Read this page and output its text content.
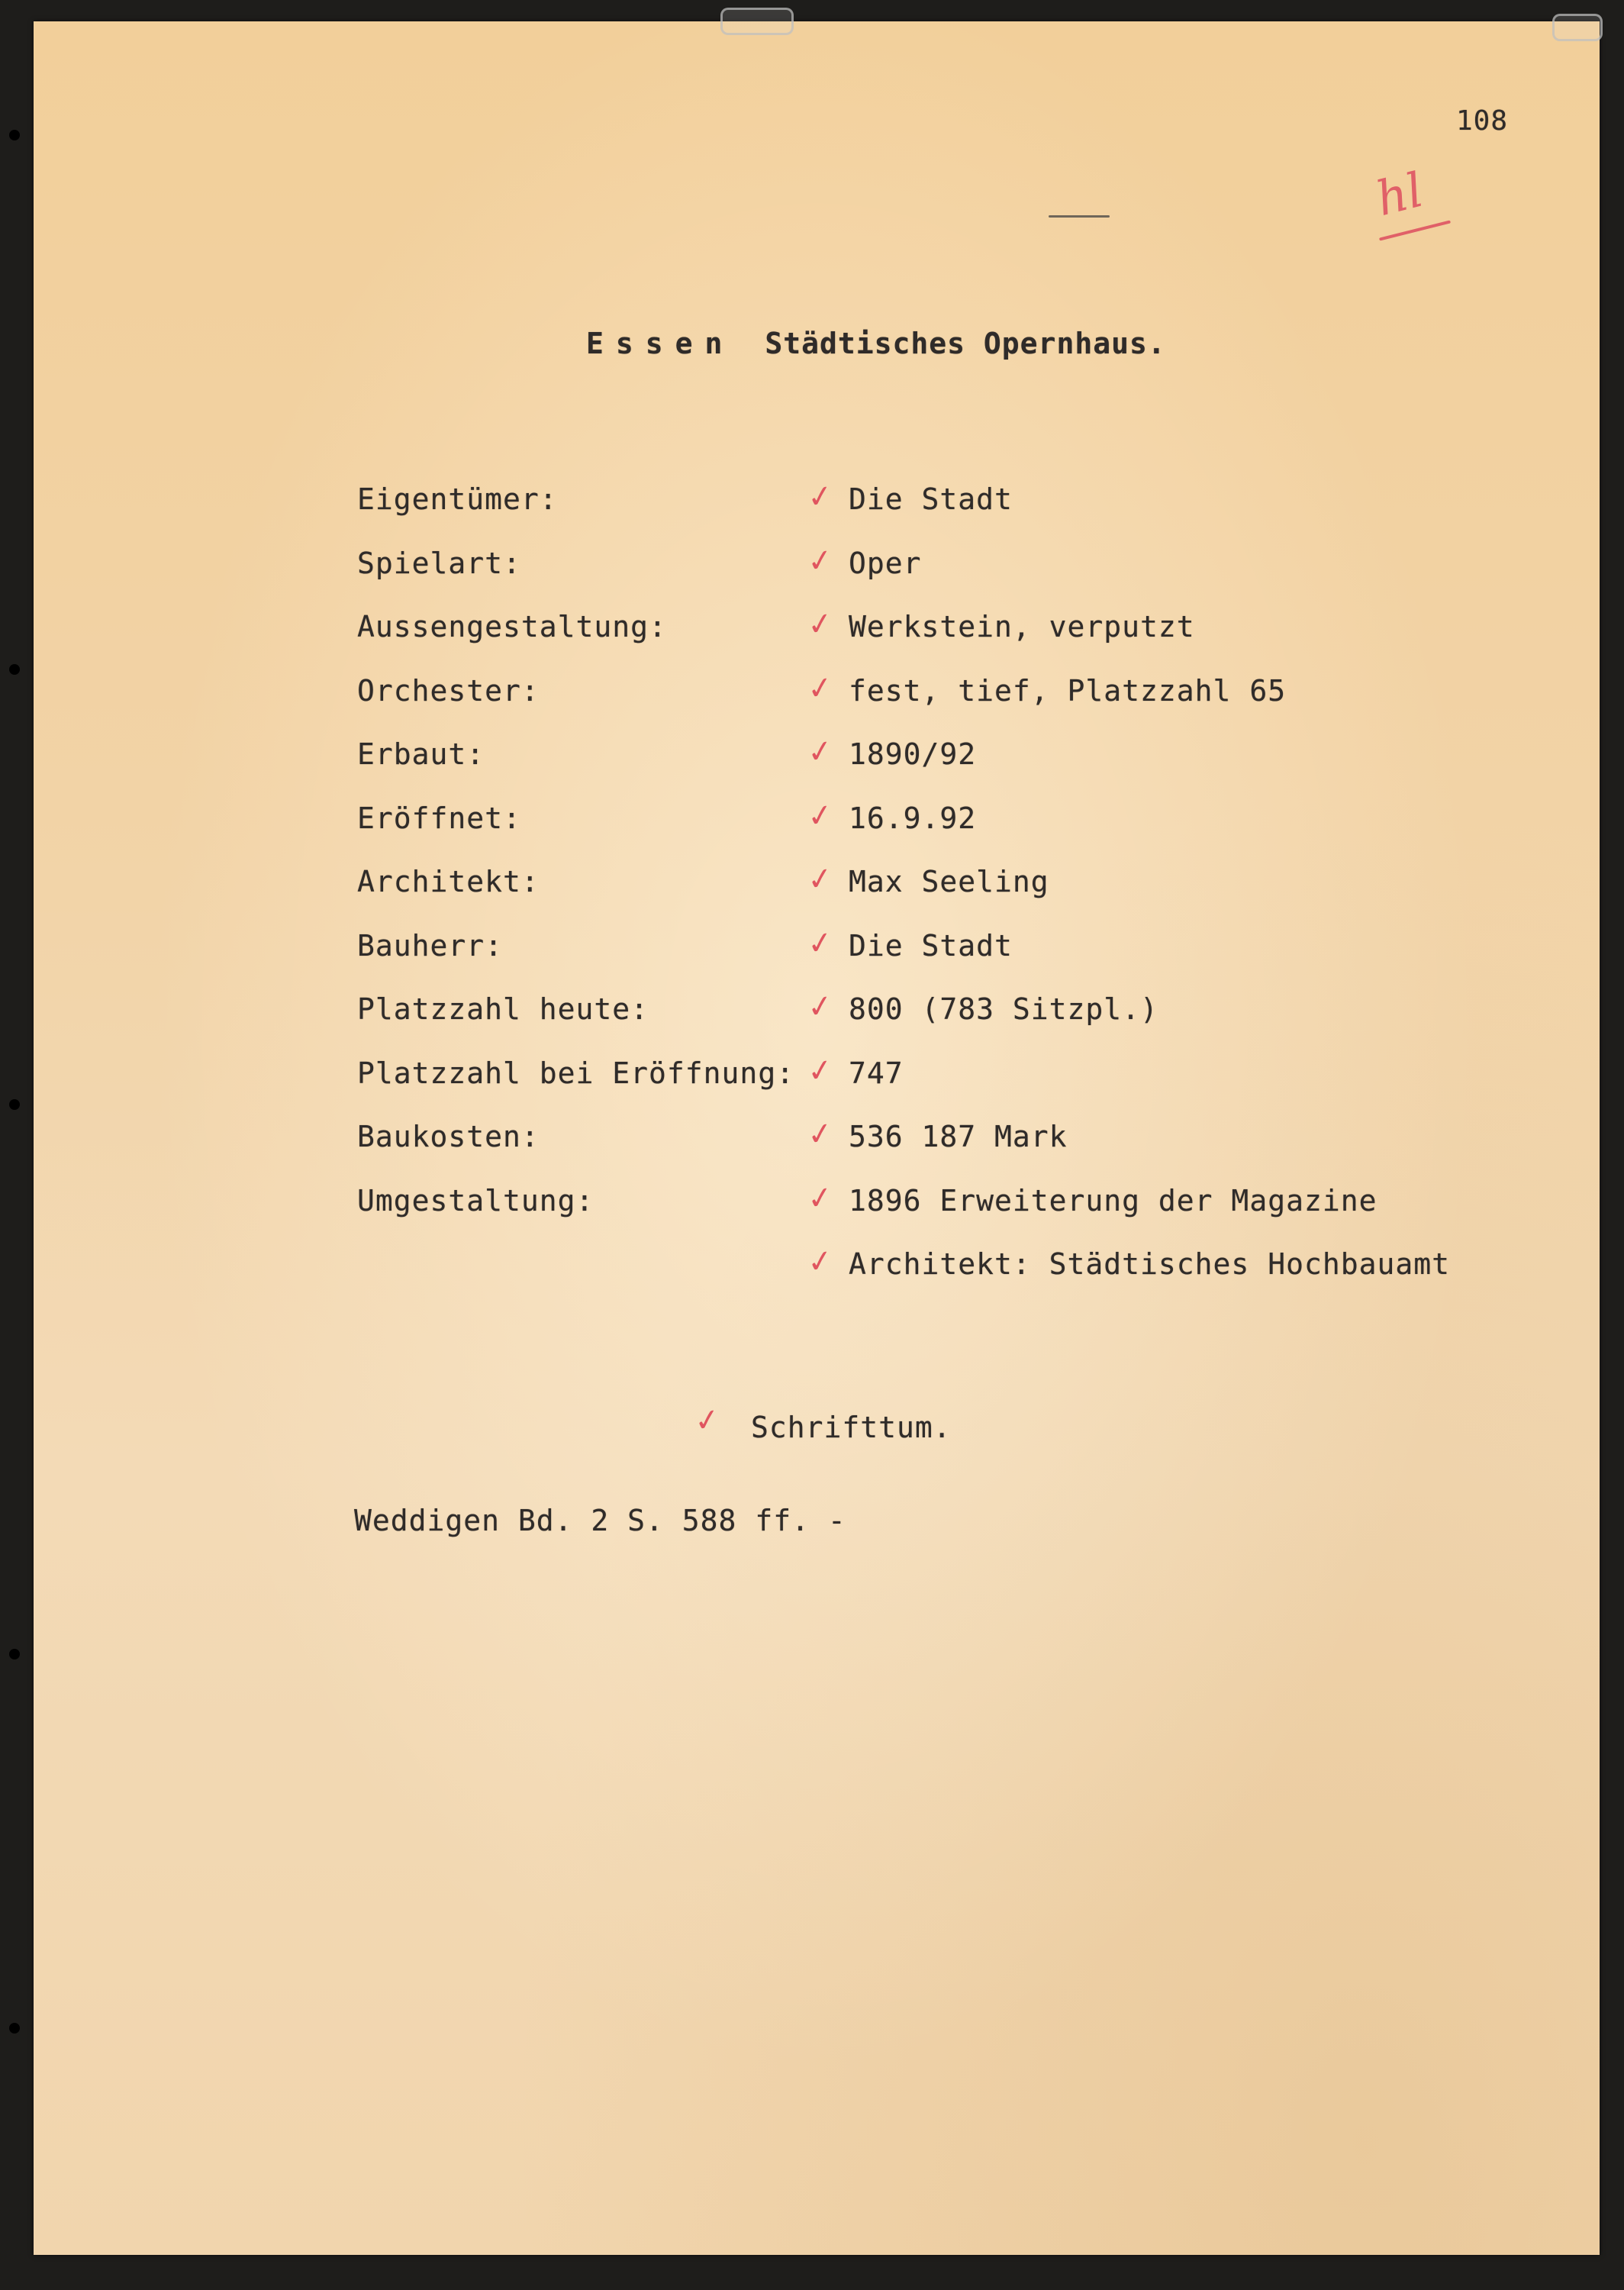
108
hl
Essen Städtisches Opernhaus.
Eigentümer:	✓ Die Stadt
Spielart:	✓ Oper
Aussengestaltung:	✓ Werkstein, verputzt
Orchester:	✓ fest, tief, Platzzahl 65
Erbaut:	✓ 1890/92
Eröffnet:	✓ 16.9.92
Architekt:	✓ Max Seeling
Bauherr:	✓ Die Stadt
Platzzahl heute:	✓ 800 (783 Sitzpl.)
Platzzahl bei Eröffnung: ✓ 747
Baukosten:	✓ 536 187 Mark
Umgestaltung:	✓ 1896 Erweiterung der Magazine
✓ Architekt: Städtisches Hochbauamt
✓ Schrifttum.
Weddigen Bd. 2 S. 588 ff. -
